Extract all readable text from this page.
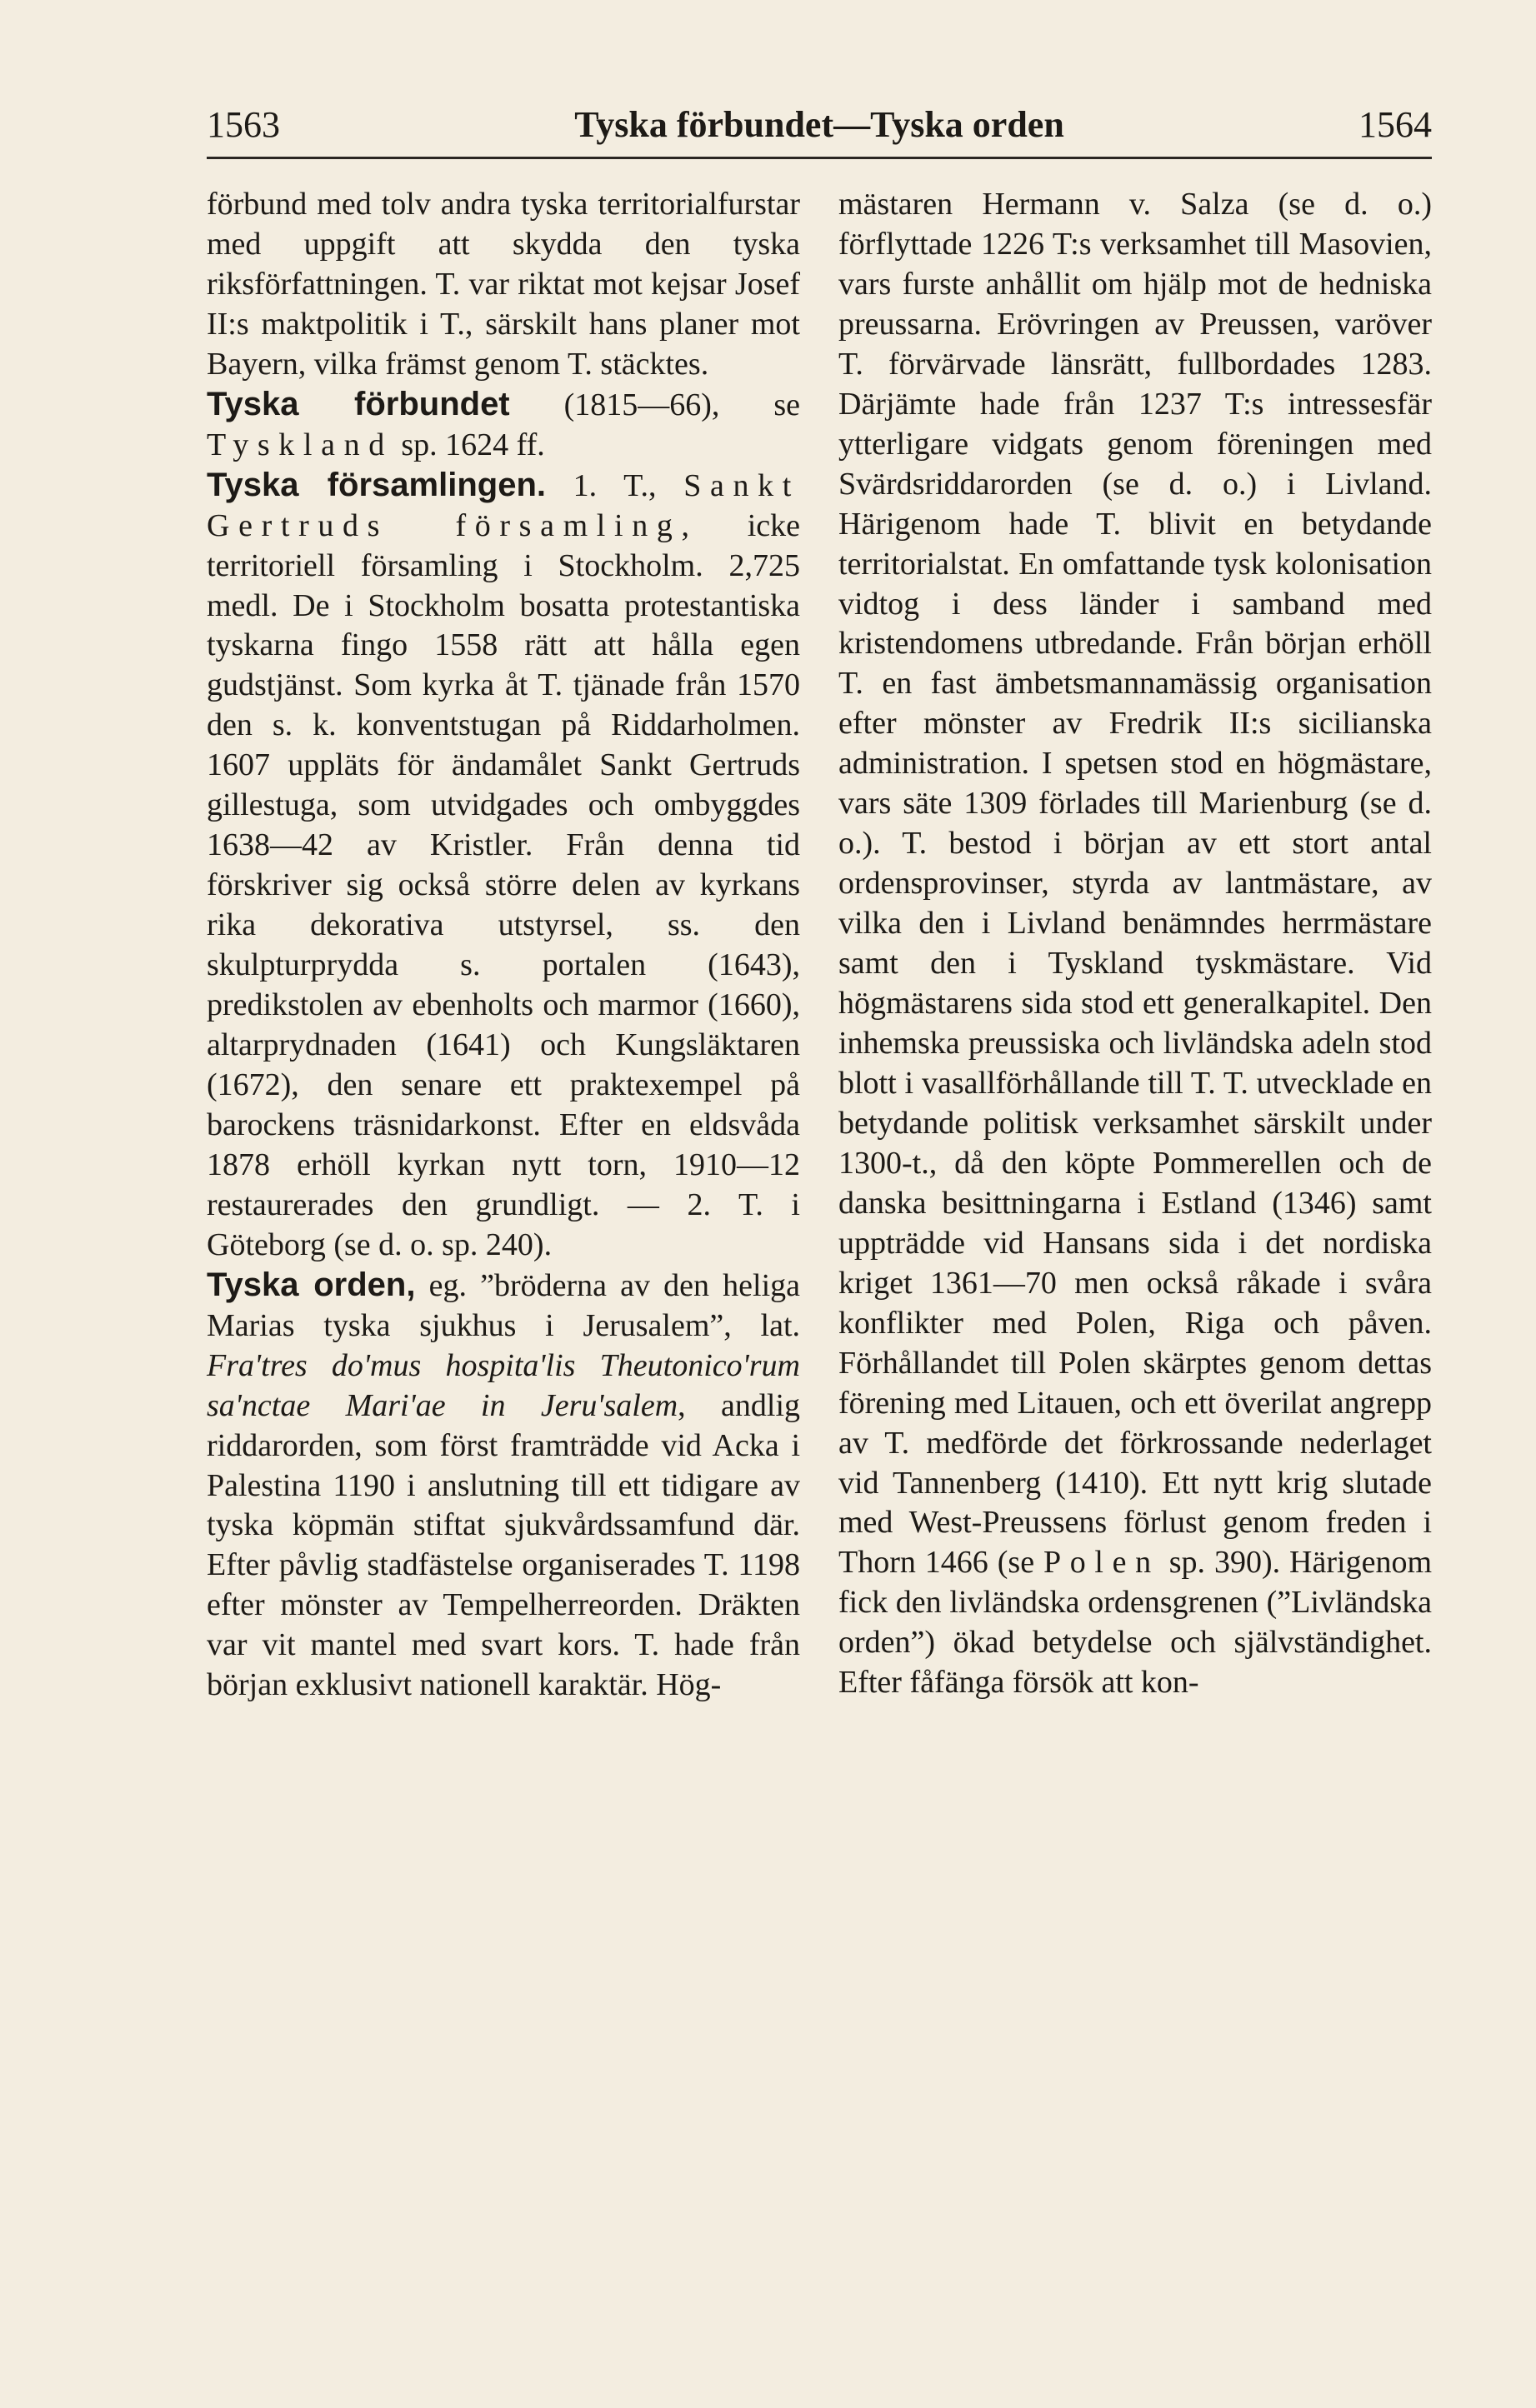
1563	Tyska förbundet—Tyska orden	1564

förbund med tolv andra tyska territorialfurstar med uppgift att skydda den tyska riksförfattningen. T. var riktat mot kejsar Josef II:s maktpolitik i T., särskilt hans planer mot Bayern, vilka främst genom T. stäcktes.

Tyska förbundet (1815—66), se Tyskland sp. 1624 ff.

Tyska församlingen. 1. T., Sankt Gertruds församling, icke territoriell församling i Stockholm. 2,725 medl. De i Stockholm bosatta protestantiska tyskarna fingo 1558 rätt att hålla egen gudstjänst. Som kyrka åt T. tjänade från 1570 den s. k. konventstugan på Riddarholmen. 1607 uppläts för ändamålet Sankt Gertruds gillestuga, som utvidgades och ombyggdes 1638—42 av Kristler. Från denna tid förskriver sig också större delen av kyrkans rika dekorativa utstyrsel, ss. den skulpturprydda s. portalen (1643), predikstolen av ebenholts och marmor (1660), altarprydnaden (1641) och Kungsläktaren (1672), den senare ett praktexempel på barockens träsnidarkonst. Efter en eldsvåda 1878 erhöll kyrkan nytt torn, 1910—12 restaurerades den grundligt. — 2. T. i Göteborg (se d. o. sp. 240).

Tyska orden, eg. ”bröderna av den heliga Marias tyska sjukhus i Jerusalem”, lat. Fra'tres do'mus hospita'lis Theutonico'rum sa'nctae Mari'ae in Jeru'salem, andlig riddarorden, som först framträdde vid Acka i Palestina 1190 i anslutning till ett tidigare av tyska köpmän stiftat sjukvårdssamfund där. Efter påvlig stadfästelse organiserades T. 1198 efter mönster av Tempelherreorden. Dräkten var vit mantel med svart kors. T. hade från början exklusivt nationell karaktär. Hög-

mästaren Hermann v. Salza (se d. o.) förflyttade 1226 T:s verksamhet till Masovien, vars furste anhållit om hjälp mot de hedniska preussarna. Erövringen av Preussen, varöver T. förvärvade länsrätt, fullbordades 1283. Därjämte hade från 1237 T:s intressesfär ytterligare vidgats genom föreningen med Svärdsriddarorden (se d. o.) i Livland. Härigenom hade T. blivit en betydande territorialstat. En omfattande tysk kolonisation vidtog i dess länder i samband med kristendomens utbredande. Från början erhöll T. en fast ämbetsmannamässig organisation efter mönster av Fredrik II:s sicilianska administration. I spetsen stod en högmästare, vars säte 1309 förlades till Marienburg (se d. o.). T. bestod i början av ett stort antal ordensprovinser, styrda av lantmästare, av vilka den i Livland benämndes herrmästare samt den i Tyskland tyskmästare. Vid högmästarens sida stod ett generalkapitel. Den inhemska preussiska och livländska adeln stod blott i vasallförhållande till T. T. utvecklade en betydande politisk verksamhet särskilt under 1300-t., då den köpte Pommerellen och de danska besittningarna i Estland (1346) samt uppträdde vid Hansans sida i det nordiska kriget 1361—70 men också råkade i svåra konflikter med Polen, Riga och påven. Förhållandet till Polen skärptes genom dettas förening med Litauen, och ett överilat angrepp av T. medförde det förkrossande nederlaget vid Tannenberg (1410). Ett nytt krig slutade med West-Preussens förlust genom freden i Thorn 1466 (se Polen sp. 390). Härigenom fick den livländska ordensgrenen (”Livländska orden”) ökad betydelse och självständighet. Efter fåfänga försök att kon-
